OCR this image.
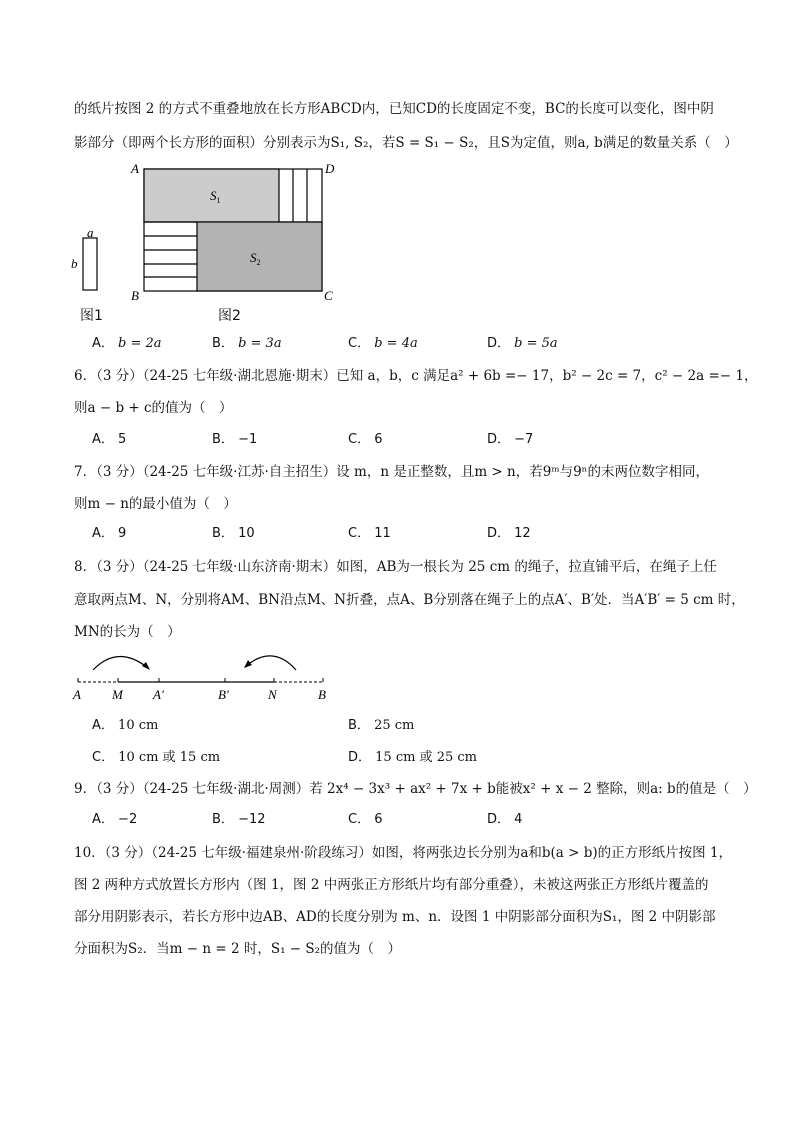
的纸片按图 2 的方式不重叠地放在长方形ABCD内，已知CD的长度固定不变，BC的长度可以变化，图中阴
影部分（即两个长方形的面积）分别表示为S₁, S₂，若S = S₁ − S₂，且S为定值，则a, b满足的数量关系（　）
a
b
图1
A	D
B	C
$S_1$
$S_2$
图2
A． b = 2a	B． b = 3a	C． b = 4a	D． b = 5a
6．（3 分）（24-25 七年级·湖北恩施·期末）已知 a，b，c 满足a² + 6b =− 17，b² − 2c = 7，c² − 2a =− 1，
则a − b + c的值为（　）
A． 5	B． −1	C． 6	D． −7
7．（3 分）（24-25 七年级·江苏·自主招生）设 m，n 是正整数，且m > n，若9ᵐ与9ⁿ的末两位数字相同，
则m − n的最小值为（　）
A． 9	B． 10	C． 11	D． 12
8．（3 分）（24-25 七年级·山东济南·期末）如图，AB为一根长为 25 cm 的绳子，拉直铺平后，在绳子上任
意取两点M、N，分别将AM、BN沿点M、N折叠，点A、B分别落在绳子上的点A′、B′处．当A′B′ = 5 cm 时，
MN的长为（　）
A M A'	B'	N	B
A． 10 cm	B． 25 cm
C． 10 cm 或 15 cm	D． 15 cm 或 25 cm
9．（3 分）（24-25 七年级·湖北·周测）若 2x⁴ − 3x³ + ax² + 7x + b能被x² + x − 2 整除，则a: b的值是（　）
A． −2	B． −12	C． 6	D． 4
10．（3 分）（24-25 七年级·福建泉州·阶段练习）如图，将两张边长分别为a和b(a > b)的正方形纸片按图 1，
图 2 两种方式放置长方形内（图 1，图 2 中两张正方形纸片均有部分重叠），未被这两张正方形纸片覆盖的
部分用阴影表示，若长方形中边AB、AD的长度分别为 m、n．设图 1 中阴影部分面积为S₁，图 2 中阴影部
分面积为S₂．当m − n = 2 时，S₁ − S₂的值为（　）
